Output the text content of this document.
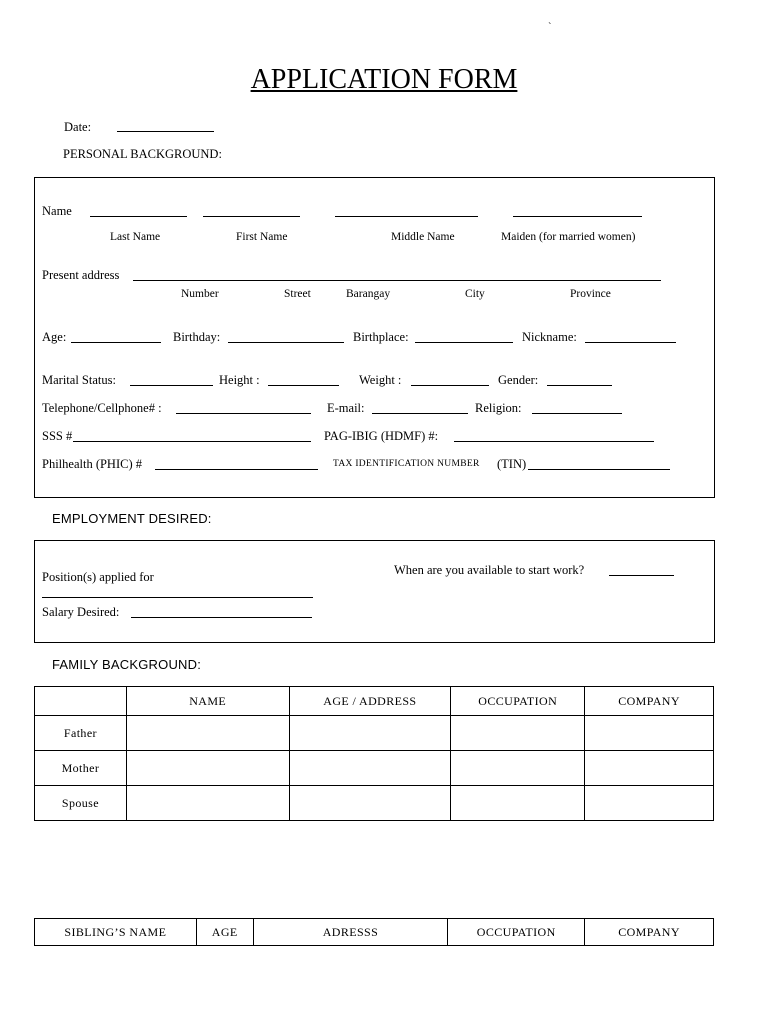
`
APPLICATION FORM
Date:
PERSONAL BACKGROUND:
Name
Last Name	First Name	Middle Name	Maiden (for married women)
Present address
Number	Street	Barangay	City	Province
Age:	Birthday:	Birthplace:	Nickname:
Marital Status:	Height :	Weight :	Gender:
Telephone/Cellphone# :	E-mail:	Religion:
SSS #	PAG-IBIG (HDMF) #:
Philhealth (PHIC) #	TAX IDENTIFICATION NUMBER (TIN)
EMPLOYMENT DESIRED:
Position(s) applied for	When are you available to start work?
Salary Desired:
FAMILY BACKGROUND:
	NAME	AGE / ADDRESS	OCCUPATION	COMPANY
Father				
Mother				
Spouse				
SIBLING’S NAME	AGE	ADRESSS	OCCUPATION	COMPANY
